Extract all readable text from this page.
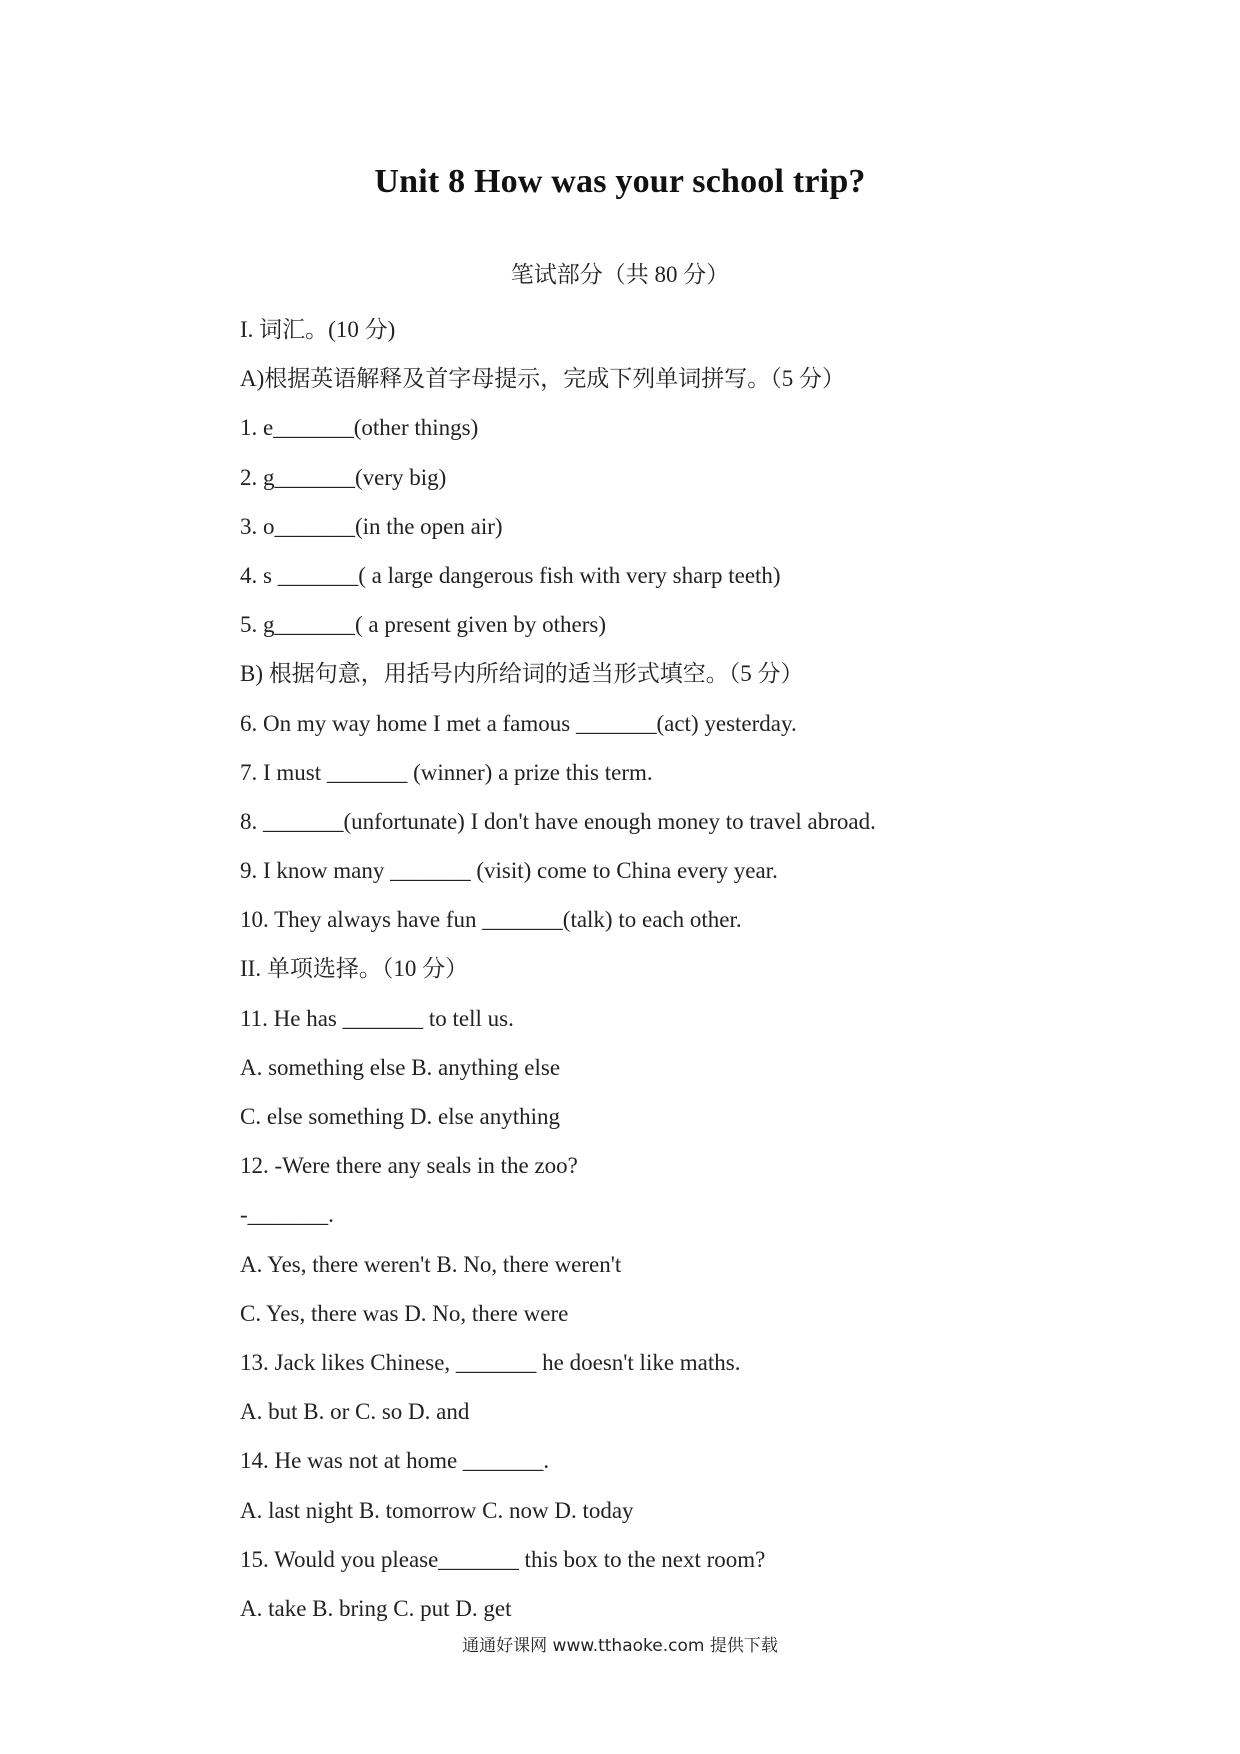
Unit 8 How was your school trip?
笔试部分（共 80 分）
I. 词汇。(10 分)
A)根据英语解释及首字母提示，完成下列单词拼写。（5 分）
1. e_______(other things)
2. g_______(very big)
3. o_______(in the open air)
4. s _______( a large dangerous fish with very sharp teeth)
5. g_______( a present given by others)
B) 根据句意，用括号内所给词的适当形式填空。（5 分）
6. On my way home I met a famous _______(act) yesterday.
7. I must _______ (winner) a prize this term.
8. _______(unfortunate) I don't have enough money to travel abroad.
9. I know many _______ (visit) come to China every year.
10. They always have fun _______(talk) to each other.
II. 单项选择。（10 分）
11. He has _______ to tell us.
A. something else B. anything else
C. else something D. else anything
12. -Were there any seals in the zoo?
-_______.
A. Yes, there weren't B. No, there weren't
C. Yes, there was D. No, there were
13. Jack likes Chinese, _______ he doesn't like maths.
A. but B. or C. so D. and
14. He was not at home _______.
A. last night B. tomorrow C. now D. today
15. Would you please_______ this box to the next room?
A. take B. bring C. put D. get
通通好课网 www.tthaoke.com 提供下载
